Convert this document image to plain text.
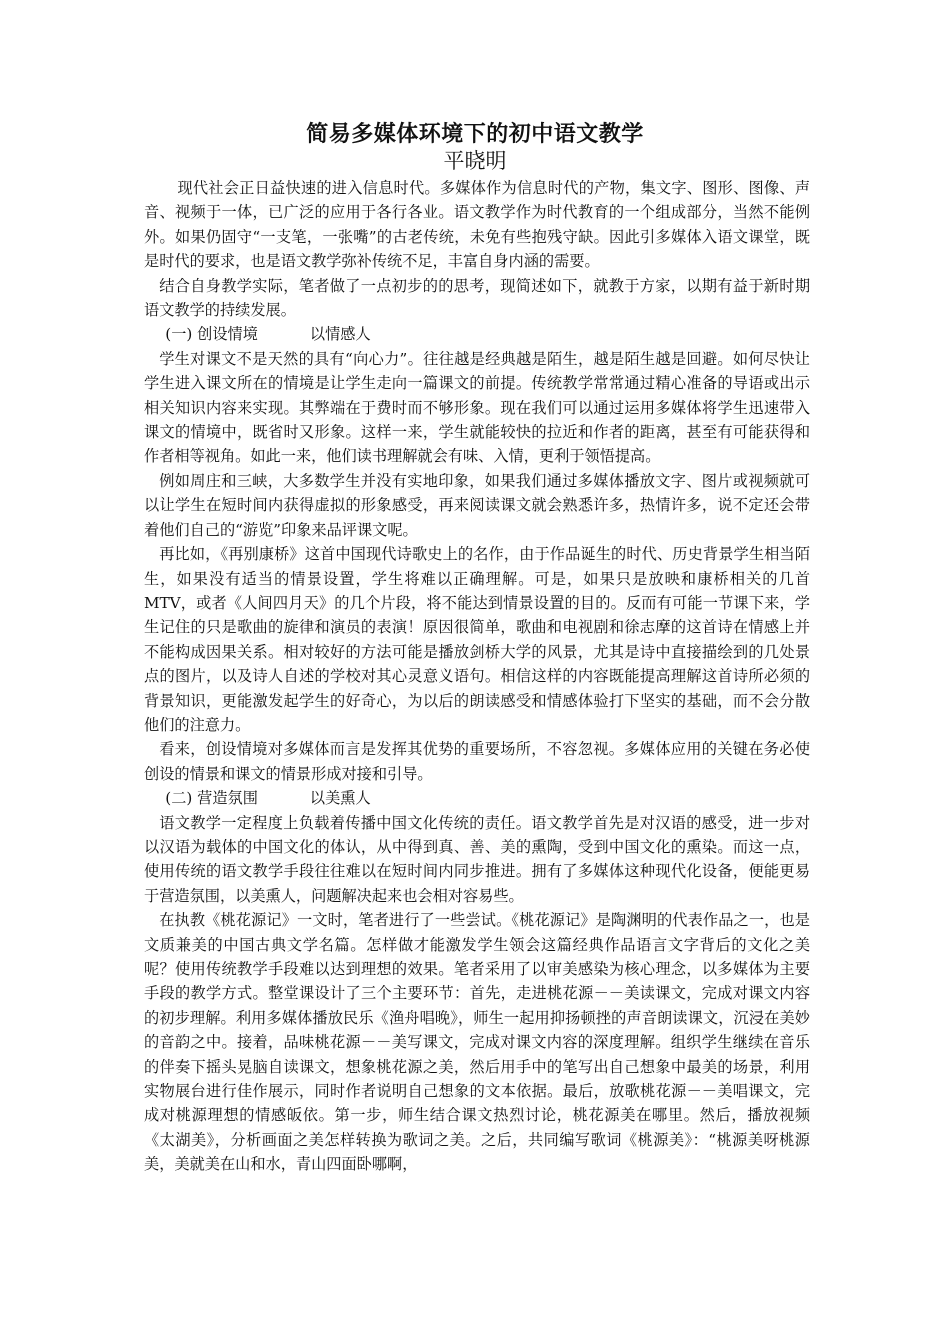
简易多媒体环境下的初中语文教学
平晓明

现代社会正日益快速的进入信息时代。多媒体作为信息时代的产物，集文字、图形、图像、声音、视频于一体，已广泛的应用于各行各业。语文教学作为时代教育的一个组成部分，当然不能例外。如果仍固守“一支笔，一张嘴”的古老传统，未免有些抱残守缺。因此引多媒体入语文课堂，既是时代的要求，也是语文教学弥补传统不足，丰富自身内涵的需要。

结合自身教学实际，笔者做了一点初步的的思考，现简述如下，就教于方家，以期有益于新时期语文教学的持续发展。

(一) 创设情境	以情感人

学生对课文不是天然的具有“向心力”。往往越是经典越是陌生，越是陌生越是回避。如何尽快让学生进入课文所在的情境是让学生走向一篇课文的前提。传统教学常常通过精心准备的导语或出示相关知识内容来实现。其弊端在于费时而不够形象。现在我们可以通过运用多媒体将学生迅速带入课文的情境中，既省时又形象。这样一来，学生就能较快的拉近和作者的距离，甚至有可能获得和作者相等视角。如此一来，他们读书理解就会有味、入情，更利于领悟提高。

例如周庄和三峡，大多数学生并没有实地印象，如果我们通过多媒体播放文字、图片或视频就可以让学生在短时间内获得虚拟的形象感受，再来阅读课文就会熟悉许多，热情许多，说不定还会带着他们自己的“游览”印象来品评课文呢。

再比如，《再别康桥》这首中国现代诗歌史上的名作，由于作品诞生的时代、历史背景学生相当陌生，如果没有适当的情景设置，学生将难以正确理解。可是，如果只是放映和康桥相关的几首MTV，或者《人间四月天》的几个片段，将不能达到情景设置的目的。反而有可能一节课下来，学生记住的只是歌曲的旋律和演员的表演！原因很简单，歌曲和电视剧和徐志摩的这首诗在情感上并不能构成因果关系。相对较好的方法可能是播放剑桥大学的风景，尤其是诗中直接描绘到的几处景点的图片，以及诗人自述的学校对其心灵意义语句。相信这样的内容既能提高理解这首诗所必须的背景知识，更能激发起学生的好奇心，为以后的朗读感受和情感体验打下坚实的基础，而不会分散他们的注意力。

看来，创设情境对多媒体而言是发挥其优势的重要场所，不容忽视。多媒体应用的关键在务必使创设的情景和课文的情景形成对接和引导。

(二) 营造氛围	以美熏人

语文教学一定程度上负载着传播中国文化传统的责任。语文教学首先是对汉语的感受，进一步对以汉语为载体的中国文化的体认，从中得到真、善、美的熏陶，受到中国文化的熏染。而这一点，使用传统的语文教学手段往往难以在短时间内同步推进。拥有了多媒体这种现代化设备，便能更易于营造氛围，以美熏人，问题解决起来也会相对容易些。

在执教《桃花源记》一文时，笔者进行了一些尝试。《桃花源记》是陶渊明的代表作品之一，也是文质兼美的中国古典文学名篇。怎样做才能激发学生领会这篇经典作品语言文字背后的文化之美呢？使用传统教学手段难以达到理想的效果。笔者采用了以审美感染为核心理念，以多媒体为主要手段的教学方式。整堂课设计了三个主要环节：首先，走进桃花源－－美读课文，完成对课文内容的初步理解。利用多媒体播放民乐《渔舟唱晚》，师生一起用抑扬顿挫的声音朗读课文，沉浸在美妙的音韵之中。接着，品味桃花源－－美写课文，完成对课文内容的深度理解。组织学生继续在音乐的伴奏下摇头晃脑自读课文，想象桃花源之美，然后用手中的笔写出自己想象中最美的场景，利用实物展台进行佳作展示，同时作者说明自己想象的文本依据。最后，放歌桃花源－－美唱课文，完成对桃源理想的情感皈依。第一步，师生结合课文热烈讨论，桃花源美在哪里。然后，播放视频《太湖美》，分析画面之美怎样转换为歌词之美。之后，共同编写歌词《桃源美》：“桃源美呀桃源美，美就美在山和水，青山四面卧哪啊，
